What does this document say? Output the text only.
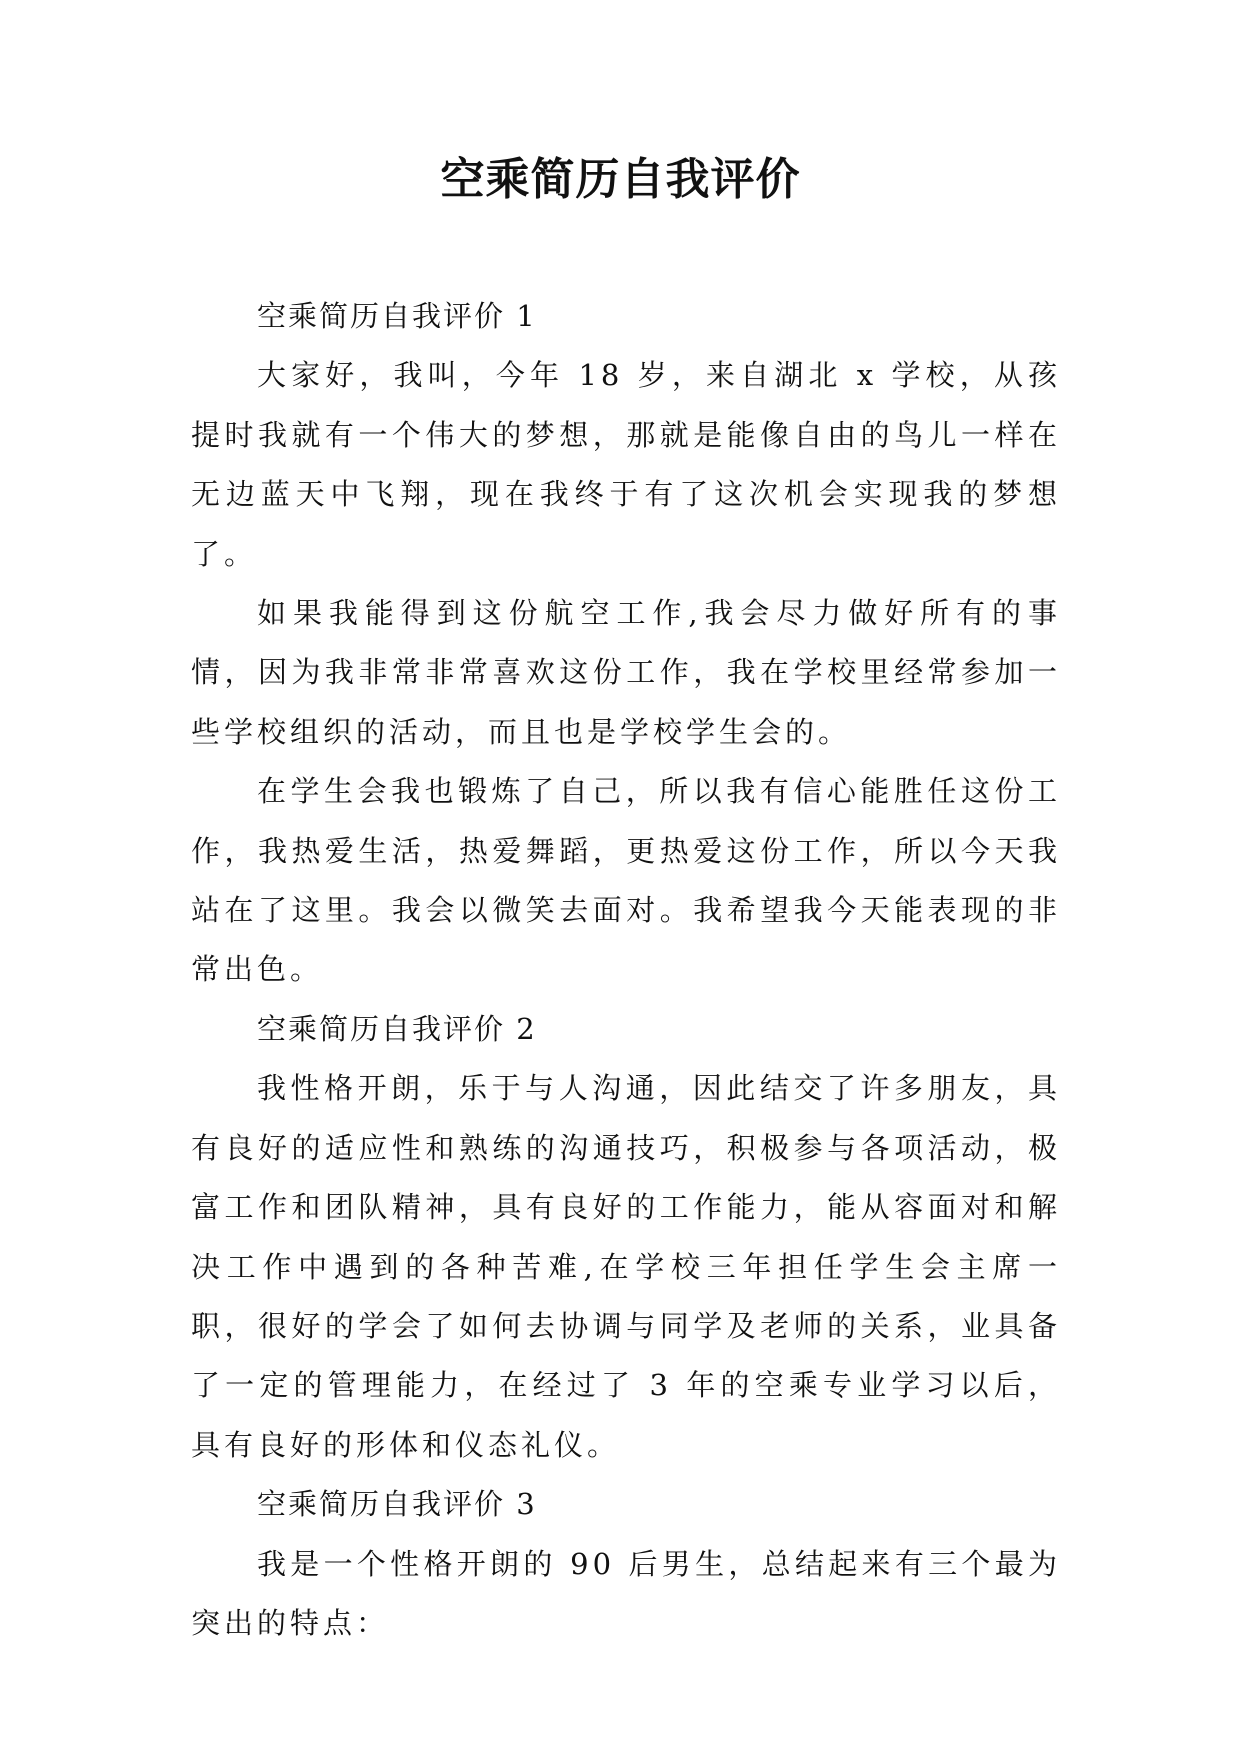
空乘简历自我评价

空乘简历自我评价 1

大家好，我叫，今年 18 岁，来自湖北 x 学校，从孩提时我就有一个伟大的梦想，那就是能像自由的鸟儿一样在无边蓝天中飞翔，现在我终于有了这次机会实现我的梦想了。

如果我能得到这份航空工作,我会尽力做好所有的事情，因为我非常非常喜欢这份工作，我在学校里经常参加一些学校组织的活动，而且也是学校学生会的。

在学生会我也锻炼了自己，所以我有信心能胜任这份工作，我热爱生活，热爱舞蹈，更热爱这份工作，所以今天我站在了这里。我会以微笑去面对。我希望我今天能表现的非常出色。

空乘简历自我评价 2

我性格开朗，乐于与人沟通，因此结交了许多朋友，具有良好的适应性和熟练的沟通技巧，积极参与各项活动，极富工作和团队精神，具有良好的工作能力，能从容面对和解决工作中遇到的各种苦难,在学校三年担任学生会主席一职，很好的学会了如何去协调与同学及老师的关系，业具备了一定的管理能力，在经过了 3 年的空乘专业学习以后，具有良好的形体和仪态礼仪。

空乘简历自我评价 3

我是一个性格开朗的 90 后男生，总结起来有三个最为突出的特点：
